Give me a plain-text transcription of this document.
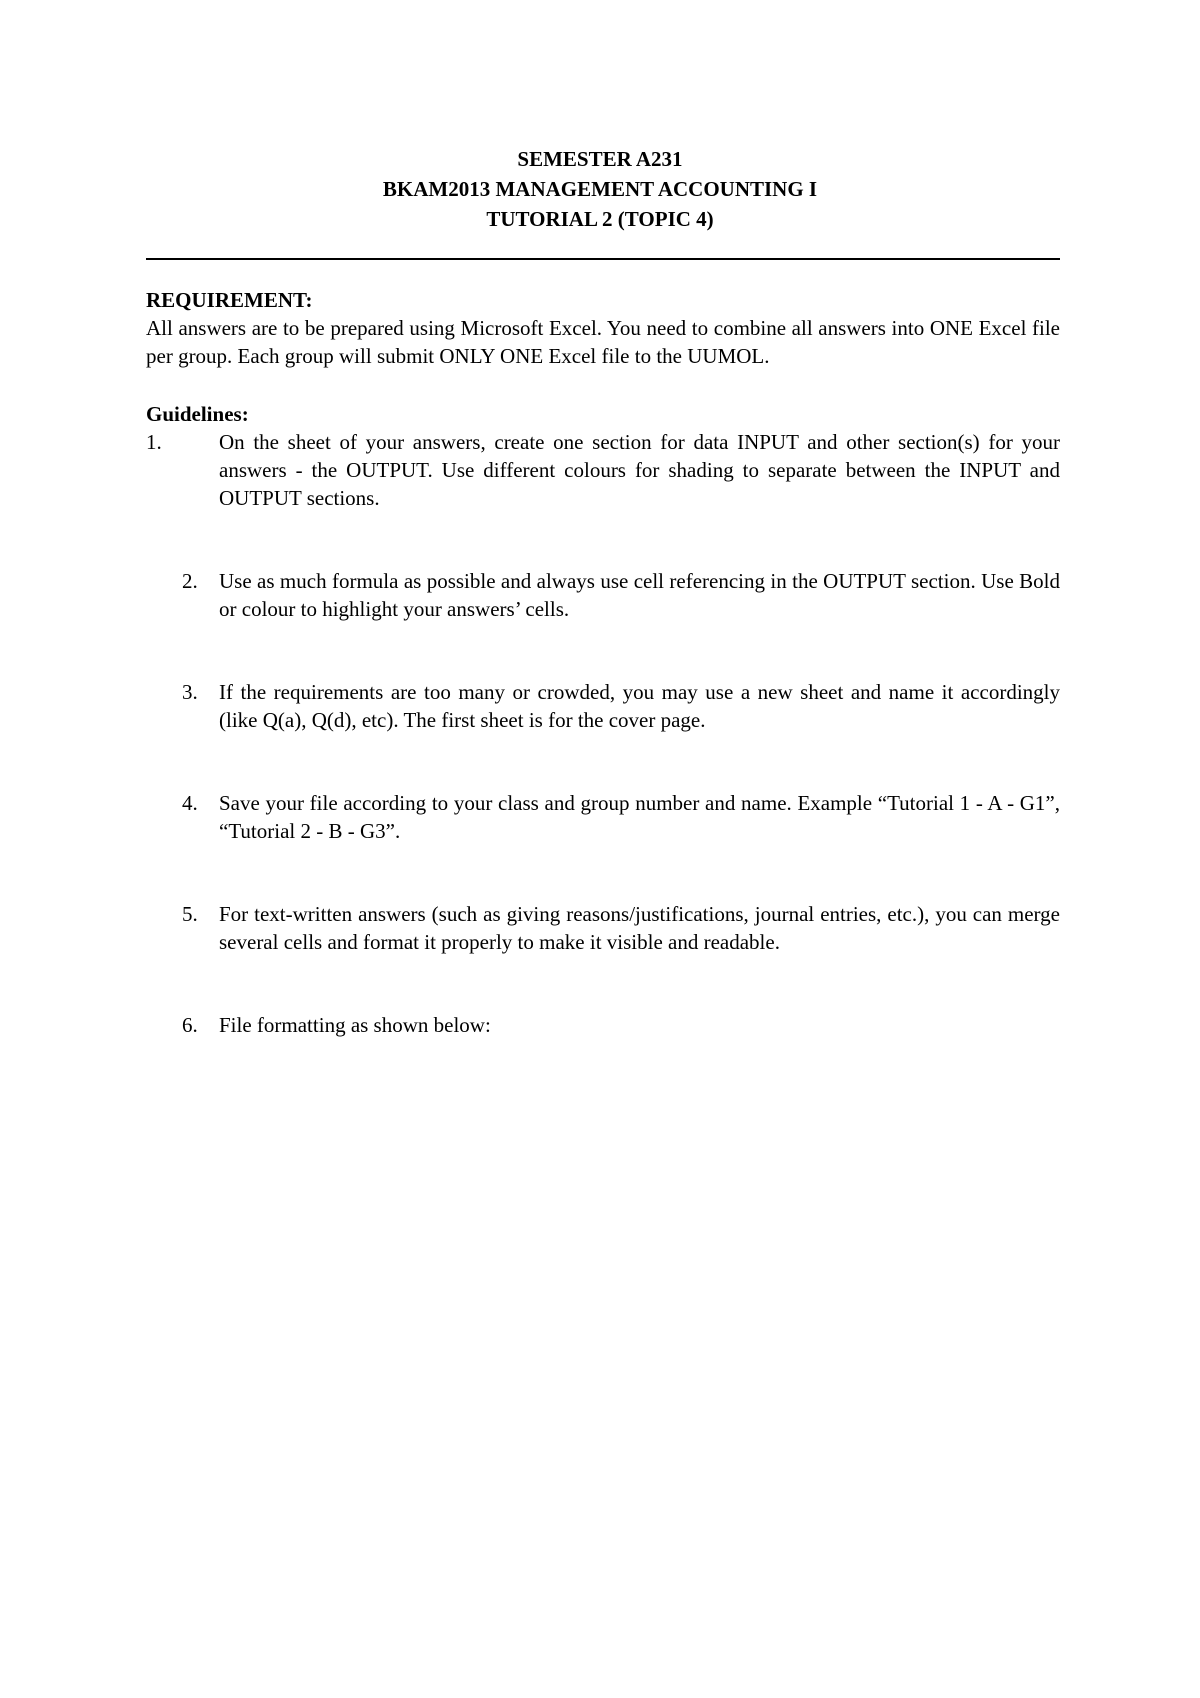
SEMESTER A231
BKAM2013 MANAGEMENT ACCOUNTING I
TUTORIAL 2 (TOPIC 4)

REQUIREMENT:

All answers are to be prepared using Microsoft Excel. You need to combine all answers into ONE Excel file per group. Each group will submit ONLY ONE Excel file to the UUMOL.

Guidelines:

1.	On the sheet of your answers, create one section for data INPUT and other section(s) for your answers - the OUTPUT. Use different colours for shading to separate between the INPUT and OUTPUT sections.
2. Use as much formula as possible and always use cell referencing in the OUTPUT section. Use Bold or colour to highlight your answers’ cells.
3. If the requirements are too many or crowded, you may use a new sheet and name it accordingly (like Q(a), Q(d), etc). The first sheet is for the cover page.
4. Save your file according to your class and group number and name. Example “Tutorial 1 - A - G1”, “Tutorial 2 - B - G3”.
5. For text-written answers (such as giving reasons/justifications, journal entries, etc.), you can merge several cells and format it properly to make it visible and readable.
6. File formatting as shown below:
